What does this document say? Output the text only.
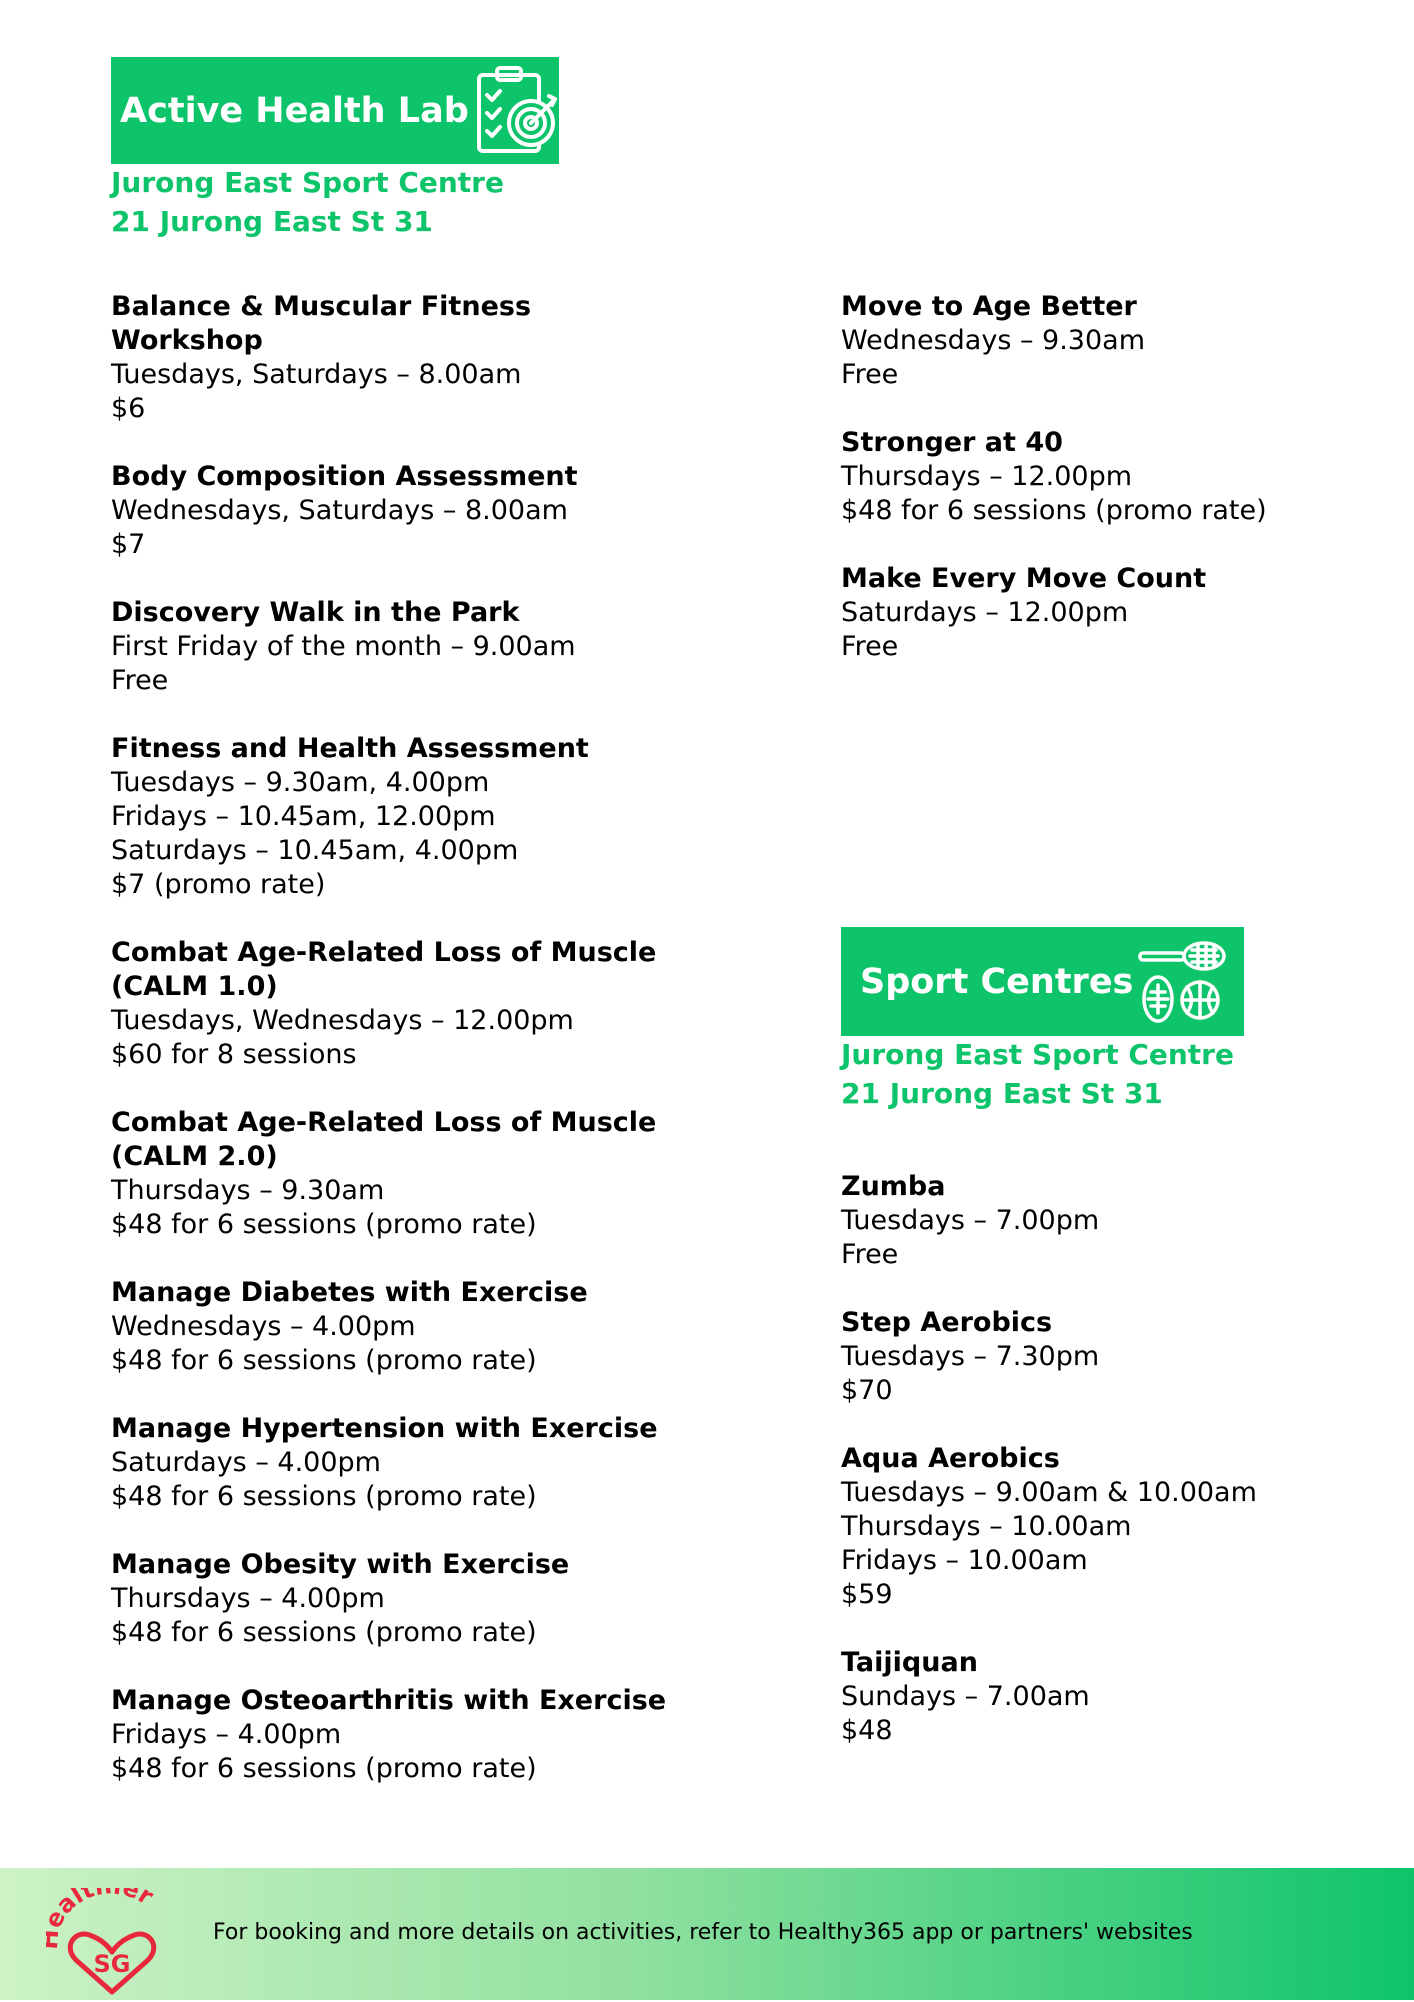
Active Health Lab
Jurong East Sport Centre
21 Jurong East St 31
Balance & Muscular Fitness Workshop
Tuesdays, Saturdays – 8.00am
$6
Body Composition Assessment
Wednesdays, Saturdays – 8.00am
$7
Discovery Walk in the Park
First Friday of the month – 9.00am
Free
Fitness and Health Assessment
Tuesdays – 9.30am, 4.00pm
Fridays – 10.45am, 12.00pm
Saturdays – 10.45am, 4.00pm
$7 (promo rate)
Combat Age-Related Loss of Muscle (CALM 1.0)
Tuesdays, Wednesdays – 12.00pm
$60 for 8 sessions
Combat Age-Related Loss of Muscle (CALM 2.0)
Thursdays – 9.30am
$48 for 6 sessions (promo rate)
Manage Diabetes with Exercise
Wednesdays – 4.00pm
$48 for 6 sessions (promo rate)
Manage Hypertension with Exercise
Saturdays – 4.00pm
$48 for 6 sessions (promo rate)
Manage Obesity with Exercise
Thursdays – 4.00pm
$48 for 6 sessions (promo rate)
Manage Osteoarthritis with Exercise
Fridays – 4.00pm
$48 for 6 sessions (promo rate)
Move to Age Better
Wednesdays – 9.30am
Free
Stronger at 40
Thursdays – 12.00pm
$48 for 6 sessions (promo rate)
Make Every Move Count
Saturdays – 12.00pm
Free
Sport Centres
Jurong East Sport Centre
21 Jurong East St 31
Zumba
Tuesdays – 7.00pm
Free
Step Aerobics
Tuesdays – 7.30pm
$70
Aqua Aerobics
Tuesdays – 9.00am & 10.00am
Thursdays – 10.00am
Fridays – 10.00am
$59
Taijiquan
Sundays – 7.00am
$48
alt er
SG
For booking and more details on activities, refer to Healthy365 app or partners' websites
